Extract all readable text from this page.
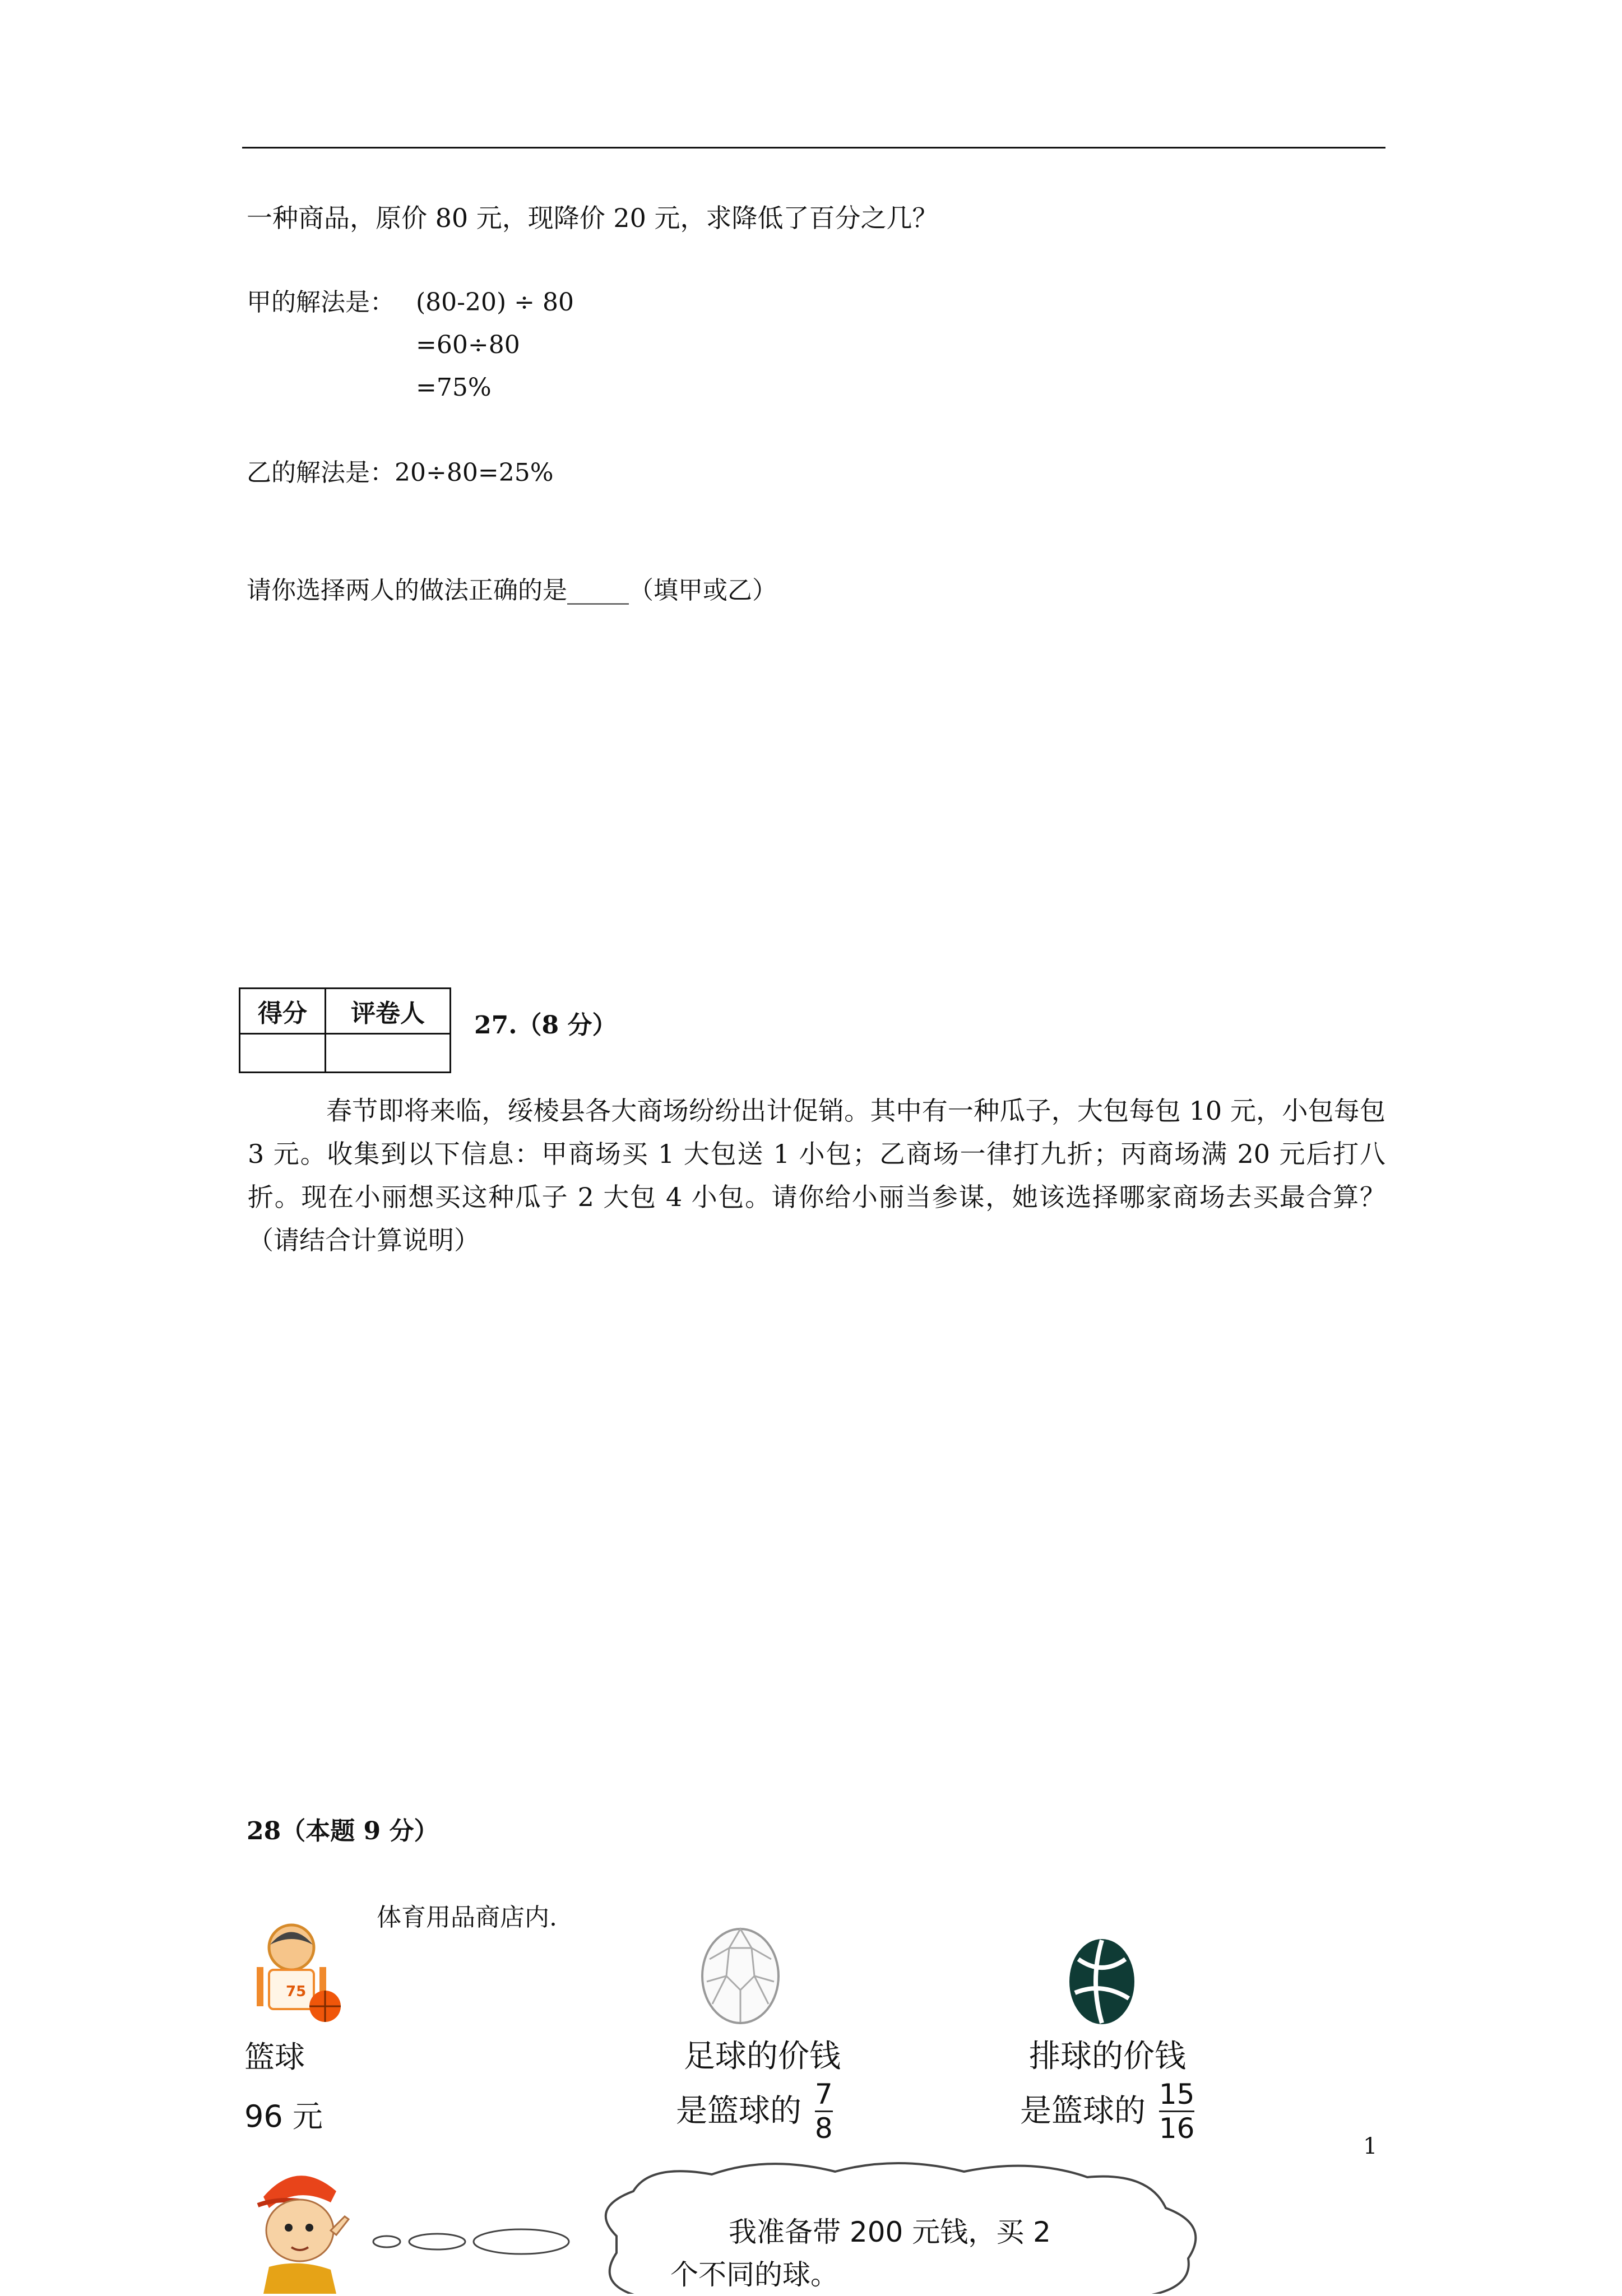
一种商品，原价 80 元，现降价 20 元，求降低了百分之几？
甲的解法是： (80-20) ÷ 80
=60÷80
=75%
乙的解法是：20÷80=25%
请你选择两人的做法正确的是_____（填甲或乙）
得分	评卷人
	27.（8 分）
春节即将来临，绥棱县各大商场纷纷出计促销。其中有一种瓜子，大包每包 10 元，小包每包 3 元。收集到以下信息：甲商场买 1 大包送 1 小包；乙商场一律打九折；丙商场满 20 元后打八折。现在小丽想买这种瓜子 2 大包 4 小包。请你给小丽当参谋，她该选择哪家商场去买最合算？（请结合计算说明）
28（本题 9 分）
体育用品商店内.
75
篮球
96 元
足球的价钱
是篮球的 $\frac{7}{8}$
排球的价钱
是篮球的 $\frac{15}{16}$
1
我准备带 200 元钱，买 2
个不同的球。
